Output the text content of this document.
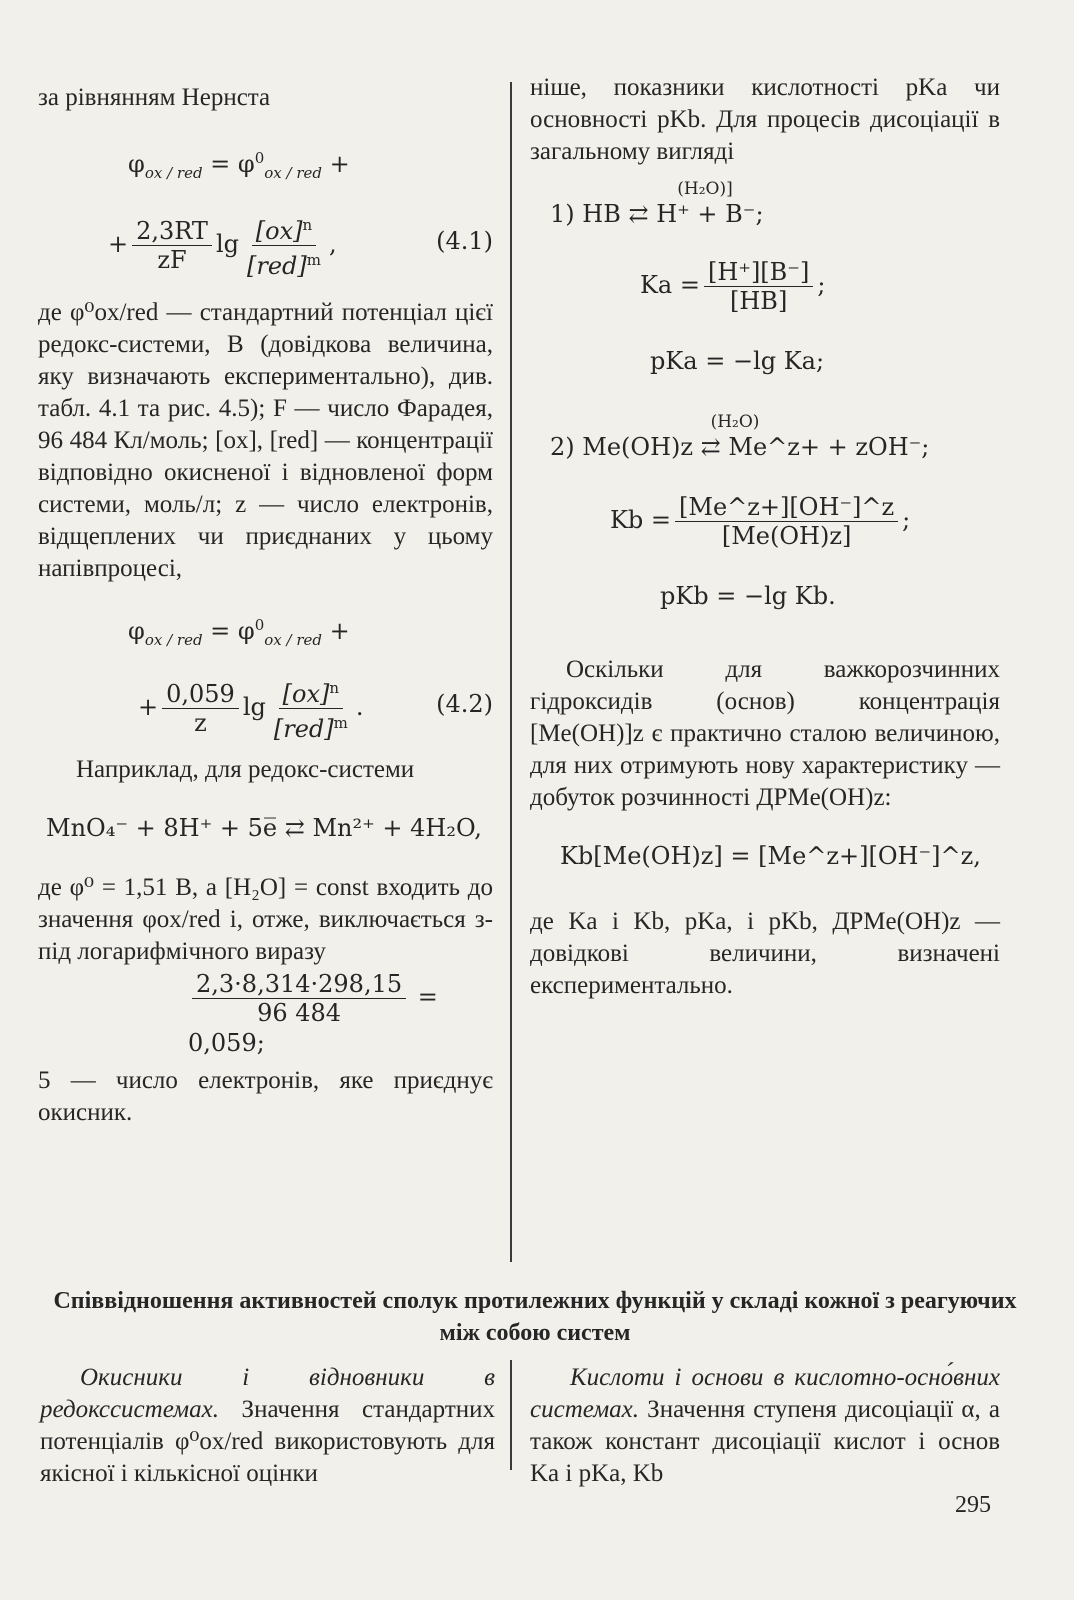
за рівнянням Нернста

$\varphi_{ox / red} = \varphi^0_{ox / red}$ +
+ $\frac{2,3RT}{zF}$ $\lg \frac{[ox]^n}{[red]^m}$ ,	(4.1)

де φ⁰ox/red — стандартний потенціал цієї редокс-системи, В (довідкова величина, яку визначають експериментально), див. табл. 4.1 та рис. 4.5); F — число Фарадея, 96 484 Кл/моль; [ox], [red] — концентрації відповідно окисненої і відновленої форм системи, моль/л; z — число електронів, відщеплених чи приєднаних у цьому напівпроцесі,

$\varphi_{ox / red} = \varphi^0_{ox / red}$ +
+ $\frac{0,059}{z}$ $\lg \frac{[ox]^n}{[red]^m}$ .	(4.2)

Наприклад, для редокс-системи

MnO₄⁻ + 8H⁺ + 5e̅ ⇄ Mn²⁺ + 4H₂O,

де φ⁰ = 1,51 В, а [H₂O] = const входить до значення φox/red і, отже, виключається з-під логарифмічного виразу

$\frac{2,3\cdot 8,314\cdot 298,15}{96 484} = 0,059$;

5 — число електронів, яке приєднує окисник.

ніше, показники кислотності pKa чи основності pKb. Для процесів дисоціації в загальному вигляді

(H₂O)]
1) HB ⇄ H⁺ + B⁻;
$Ka = \frac{[H^+][B^-]}{[HB]}$ ;
pKa = −lg Ka;
(H₂O)
2) Me(OH)z ⇄ Me^z+ + zOH⁻;
$Kb = \frac{[Me\^{}z+][OH^-]\^{}z}{[Me(OH)z]}$ ;
pKb = −lg Kb.

Оскільки для важкорозчинних гідроксидів (основ) концентрація [Me(OH)]z є практично сталою величиною, для них отримують нову характеристику — добуток розчинності ДРMe(OH)z:

Kb[Me(OH)z] = [Me^z+][OH⁻]^z,

де Ka і Kb, pKa, і pKb, ДРMe(OH)z — довідкові величини, визначені експериментально.

Співвідношення активностей сполук протилежних функцій у складі кожної з реагуючих між собою систем

Окисники і відновники в редокссистемах. Значення стандартних потенціалів φ⁰ox/red використовують для якісної і кількісної оцінки

Кислоти і основи в кислотно-осно́вних системах. Значення ступеня дисоціації α, а також констант дисоціації кислот і основ Ka і pKa, Kb

295
